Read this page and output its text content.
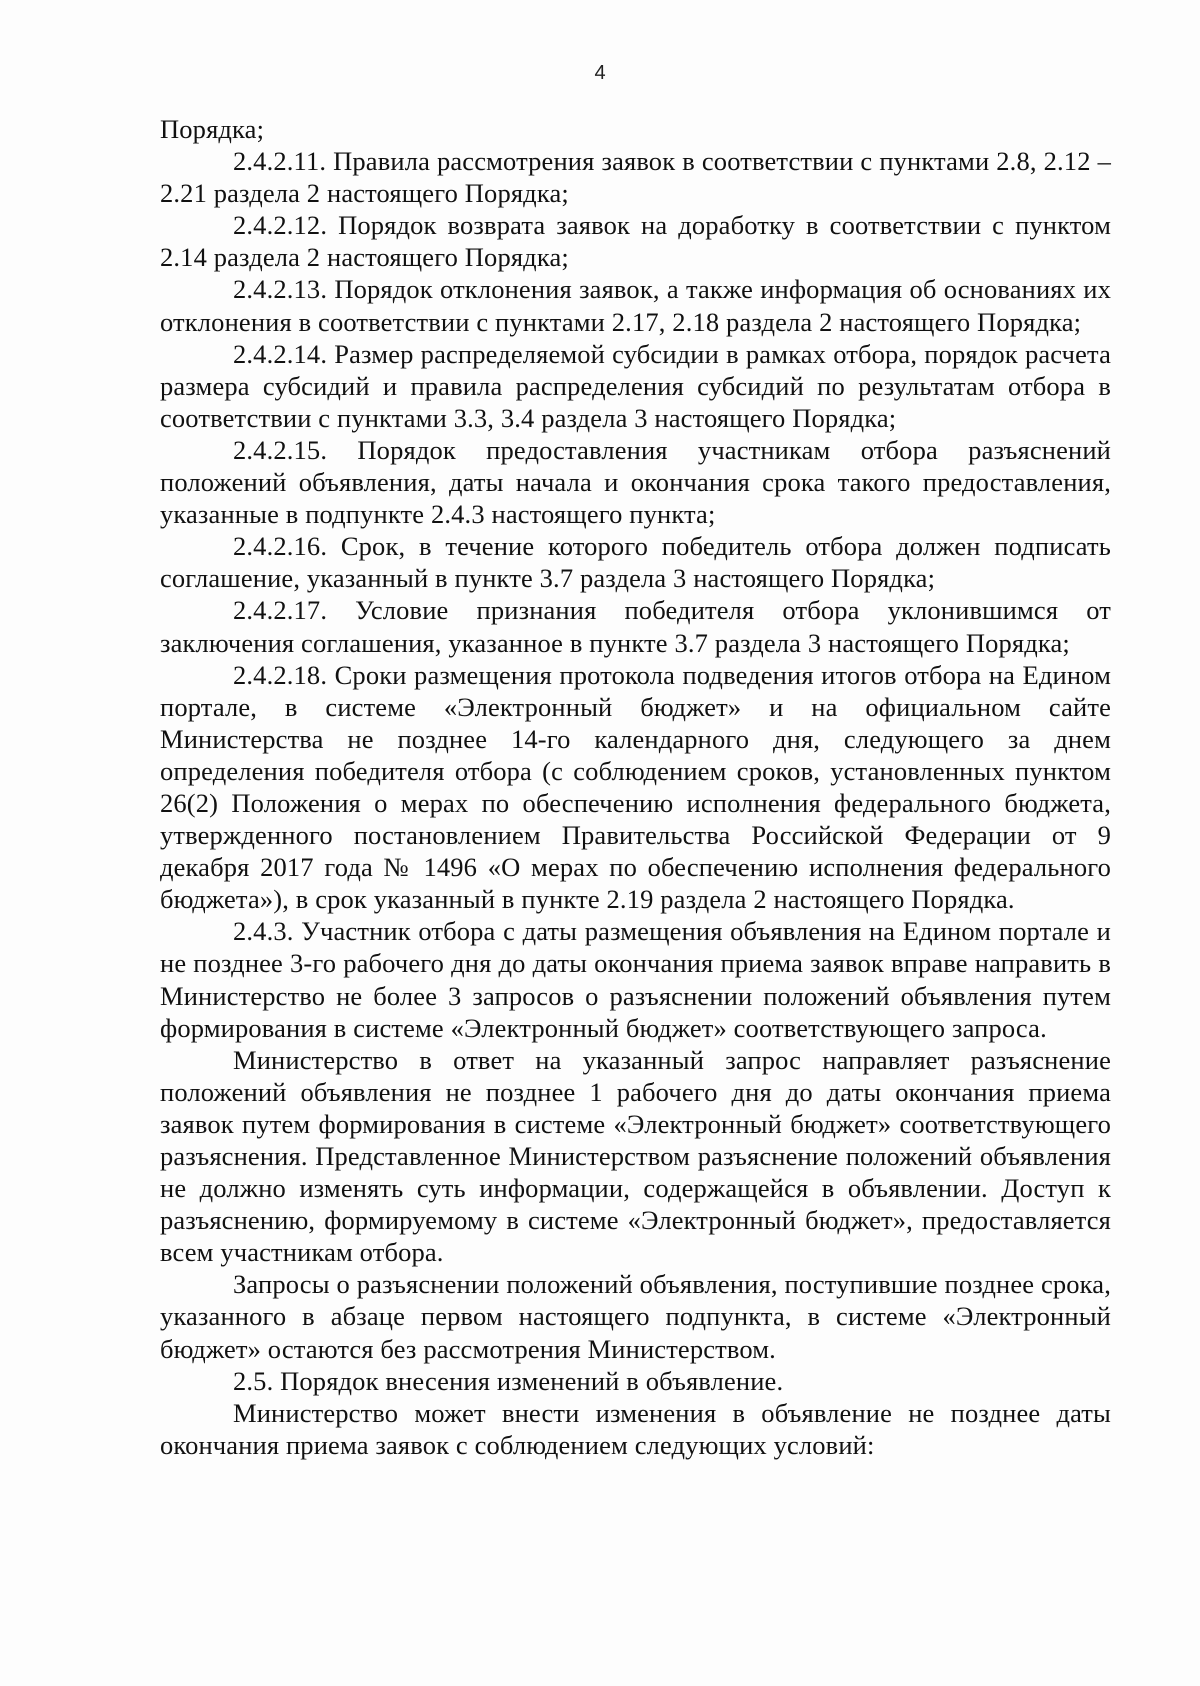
4

Порядка;

2.4.2.11. Правила рассмотрения заявок в соответствии с пунктами 2.8, 2.12 – 2.21 раздела 2 настоящего Порядка;

2.4.2.12. Порядок возврата заявок на доработку в соответствии с пунктом 2.14 раздела 2 настоящего Порядка;

2.4.2.13. Порядок отклонения заявок, а также информация об основаниях их отклонения в соответствии с пунктами 2.17, 2.18 раздела 2 настоящего Порядка;

2.4.2.14. Размер распределяемой субсидии в рамках отбора, порядок расчета размера субсидий и правила распределения субсидий по результатам отбора в соответствии с пунктами 3.3, 3.4 раздела 3 настоящего Порядка;

2.4.2.15. Порядок предоставления участникам отбора разъяснений положений объявления, даты начала и окончания срока такого предоставления, указанные в подпункте 2.4.3 настоящего пункта;

2.4.2.16. Срок, в течение которого победитель отбора должен подписать соглашение, указанный в пункте 3.7 раздела 3 настоящего Порядка;

2.4.2.17. Условие признания победителя отбора уклонившимся от заключения соглашения, указанное в пункте 3.7 раздела 3 настоящего Порядка;

2.4.2.18. Сроки размещения протокола подведения итогов отбора на Едином портале, в системе «Электронный бюджет» и на официальном сайте Министерства не позднее 14-го календарного дня, следующего за днем определения победителя отбора (с соблюдением сроков, установленных пунктом 26(2) Положения о мерах по обеспечению исполнения федерального бюджета, утвержденного постановлением Правительства Российской Федерации от 9 декабря 2017 года № 1496 «О мерах по обеспечению исполнения федерального бюджета»), в срок указанный в пункте 2.19 раздела 2 настоящего Порядка.

2.4.3. Участник отбора с даты размещения объявления на Едином портале и не позднее 3-го рабочего дня до даты окончания приема заявок вправе направить в Министерство не более 3 запросов о разъяснении положений объявления путем формирования в системе «Электронный бюджет» соответствующего запроса.

Министерство в ответ на указанный запрос направляет разъяснение положений объявления не позднее 1 рабочего дня до даты окончания приема заявок путем формирования в системе «Электронный бюджет» соответствующего разъяснения. Представленное Министерством разъяснение положений объявления не должно изменять суть информации, содержащейся в объявлении. Доступ к разъяснению, формируемому в системе «Электронный бюджет», предоставляется всем участникам отбора.

Запросы о разъяснении положений объявления, поступившие позднее срока, указанного в абзаце первом настоящего подпункта, в системе «Электронный бюджет» остаются без рассмотрения Министерством.

2.5. Порядок внесения изменений в объявление.

Министерство может внести изменения в объявление не позднее даты окончания приема заявок с соблюдением следующих условий:
